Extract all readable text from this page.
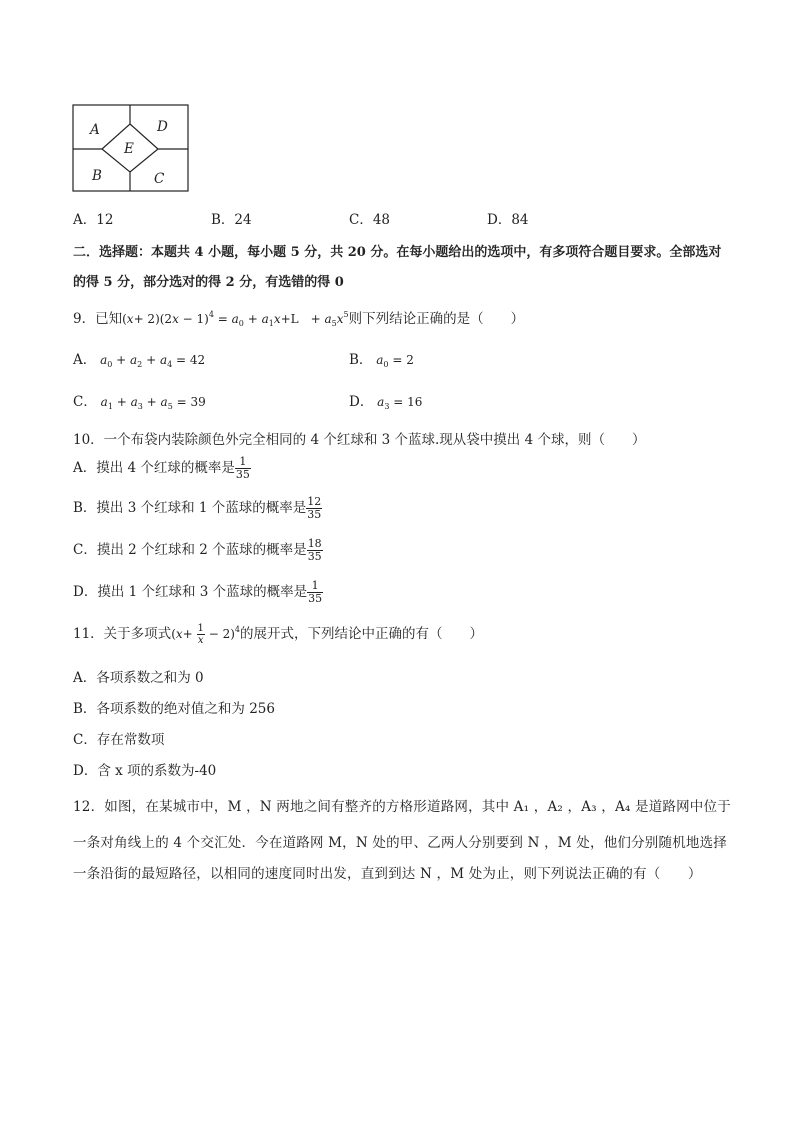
A	D
E
B	C
A．12	B．24	C．48	D．84
二．选择题：本题共 4 小题，每小题 5 分，共 20 分。在每小题给出的选项中，有多项符合题目要求。全部选对
的得 5 分，部分选对的得 2 分，有选错的得 0
9．已知$(x+ 2)(2x - 1)^4 = a_0 + a_1x+L$　+ $a_5x^5$则下列结论正确的是（　　）
A． $a_0 + a_2 + a_4 = 42$	B． $a_0 = 2$
C． $a_1 + a_3 + a_5 = 39$	D． $a_3 = 16$
10．一个布袋内装除颜色外完全相同的 4 个红球和 3 个蓝球.现从袋中摸出 4 个球，则（　　）
A．摸出 4 个红球的概率是 $\frac{1}{35}$
B．摸出 3 个红球和 1 个蓝球的概率是 $\frac{12}{35}$
C．摸出 2 个红球和 2 个蓝球的概率是 $\frac{18}{35}$
D．摸出 1 个红球和 3 个蓝球的概率是 $\frac{1}{35}$
11．关于多项式$(x+ \frac{1}{x} - 2)^4$的展开式，下列结论中正确的有（　　）
A．各项系数之和为 0
B．各项系数的绝对值之和为 256
C．存在常数项
D．含 x 项的系数为-40
12．如图，在某城市中，M ，N 两地之间有整齐的方格形道路网，其中 A₁ ，A₂ ，A₃ ，A₄ 是道路网中位于
一条对角线上的 4 个交汇处．今在道路网 M，N 处的甲、乙两人分别要到 N ，M 处，他们分别随机地选择
一条沿街的最短路径，以相同的速度同时出发，直到到达 N ，M 处为止，则下列说法正确的有（　　）
